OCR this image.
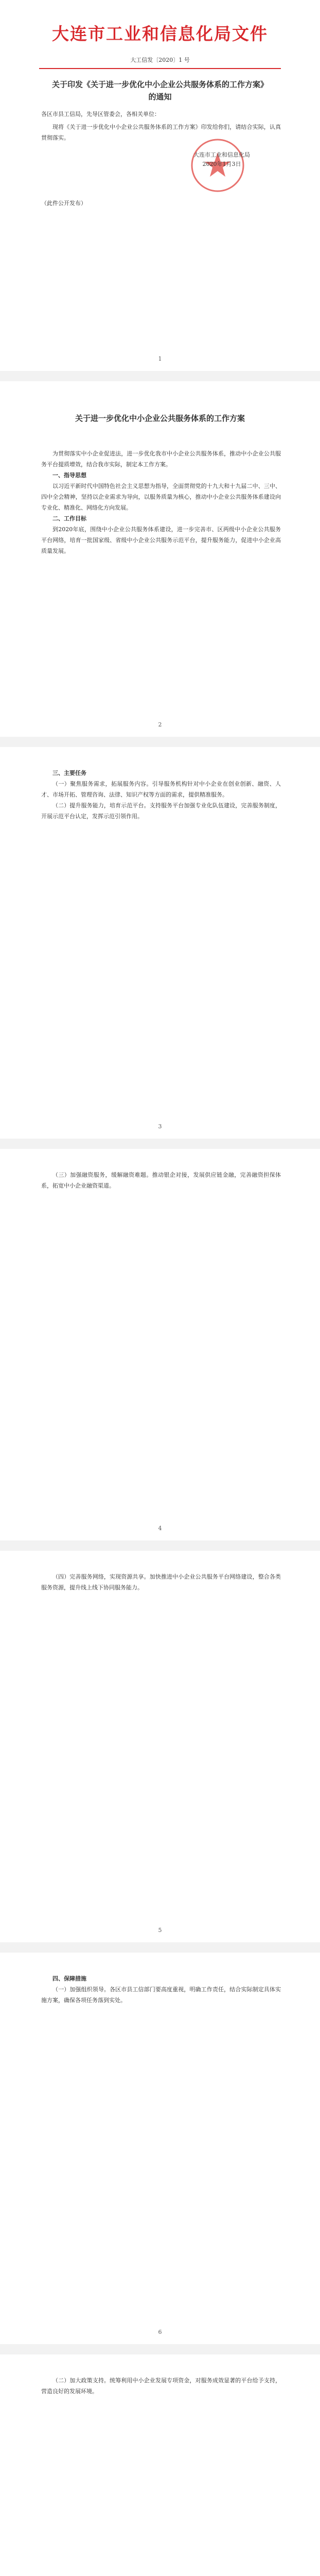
大连市工业和信息化局文件
大工信发〔2020〕1 号
关于印发《关于进一步优化中小企业公共服务体系的工作方案》的通知
各区市县工信局，先导区管委会，各相关单位：

现将《关于进一步优化中小企业公共服务体系的工作方案》印发给你们，请结合实际，认真贯彻落实。

大连市工业和信息化局
2020年1月3日
（此件公开发布）
1
关于进一步优化中小企业公共服务体系的工作方案

为贯彻落实中小企业促进法，进一步优化我市中小企业公共服务体系，推动中小企业公共服务平台提质增效，结合我市实际，制定本工作方案。

一、指导思想

以习近平新时代中国特色社会主义思想为指导，全面贯彻党的十九大和十九届二中、三中、四中全会精神，坚持以企业需求为导向，以服务质量为核心，推动中小企业公共服务体系建设向专业化、精准化、网络化方向发展。

二、工作目标

到2020年底，围绕中小企业公共服务体系建设，进一步完善市、区两级中小企业公共服务平台网络，培育一批国家级、省级中小企业公共服务示范平台，提升服务能力，促进中小企业高质量发展。

2

三、主要任务

（一）聚焦服务需求，拓展服务内容。引导服务机构针对中小企业在创业创新、融资、人才、市场开拓、管理咨询、法律、知识产权等方面的需求，提供精准服务。

（二）提升服务能力，培育示范平台。支持服务平台加强专业化队伍建设，完善服务制度，开展示范平台认定，发挥示范引领作用。

3

（三）加强融资服务，缓解融资难题。推动银企对接，发展供应链金融，完善融资担保体系，拓宽中小企业融资渠道。

4

（四）完善服务网络，实现资源共享。加快推进中小企业公共服务平台网络建设，整合各类服务资源，提升线上线下协同服务能力。

5

四、保障措施

（一）加强组织领导。各区市县工信部门要高度重视，明确工作责任，结合实际制定具体实施方案，确保各项任务落到实处。

6

（二）加大政策支持。统筹利用中小企业发展专项资金，对服务成效显著的平台给予支持，营造良好的发展环境。
